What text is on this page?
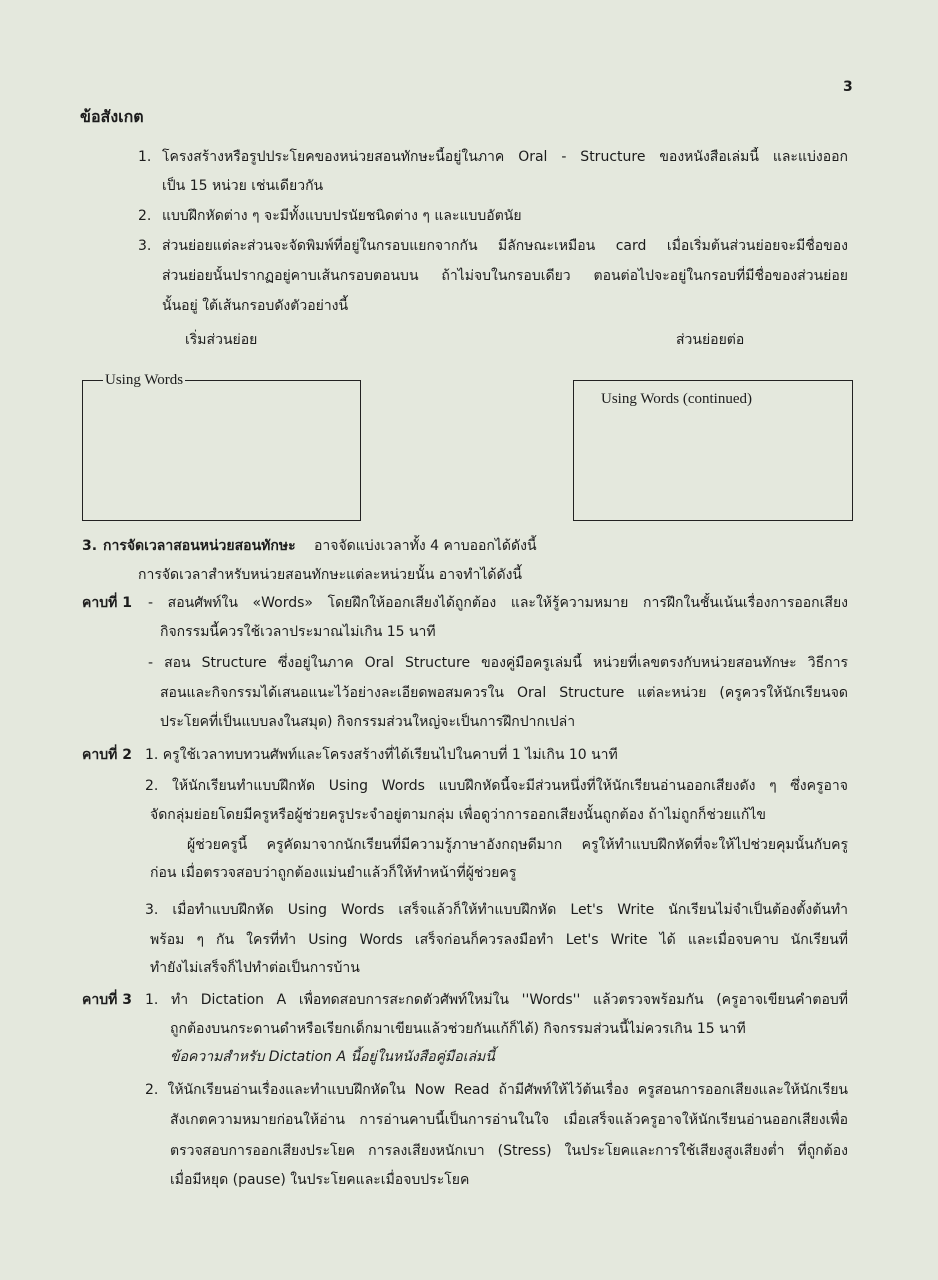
3
ข้อสังเกต
1. โครงสร้างหรือรูปประโยคของหน่วยสอนทักษะนี้อยู่ในภาค Oral - Structure ของหนังสือเล่มนี้ และแบ่งออก
เป็น 15 หน่วย เช่นเดียวกัน
2. แบบฝึกหัดต่าง ๆ จะมีทั้งแบบปรนัยชนิดต่าง ๆ และแบบอัตนัย
3. ส่วนย่อยแต่ละส่วนจะจัดพิมพ์ที่อยู่ในกรอบแยกจากกัน มีลักษณะเหมือน card เมื่อเริ่มต้นส่วนย่อยจะมีชื่อของ
ส่วนย่อยนั้นปรากฏอยู่คาบเส้นกรอบตอนบน ถ้าไม่จบในกรอบเดียว ตอนต่อไปจะอยู่ในกรอบที่มีชื่อของส่วนย่อย
นั้นอยู่ ใต้เส้นกรอบดังตัวอย่างนี้
เริ่มส่วนย่อย	ส่วนย่อยต่อ
Using Words
Using Words (continued)
3. การจัดเวลาสอนหน่วยสอนทักษะ อาจจัดแบ่งเวลาทั้ง 4 คาบออกได้ดังนี้
การจัดเวลาสำหรับหน่วยสอนทักษะแต่ละหน่วยนั้น อาจทำได้ดังนี้
คาบที่ 1 - สอนศัพท์ใน «Words» โดยฝึกให้ออกเสียงได้ถูกต้อง และให้รู้ความหมาย การฝึกในชั้นเน้นเรื่องการออกเสียง
กิจกรรมนี้ควรใช้เวลาประมาณไม่เกิน 15 นาที
- สอน Structure ซึ่งอยู่ในภาค Oral Structure ของคู่มือครูเล่มนี้ หน่วยที่เลขตรงกับหน่วยสอนทักษะ วิธีการ
สอนและกิจกรรมได้เสนอแนะไว้อย่างละเอียดพอสมควรใน Oral Structure แต่ละหน่วย (ครูควรให้นักเรียนจด
ประโยคที่เป็นแบบลงในสมุด) กิจกรรมส่วนใหญ่จะเป็นการฝึกปากเปล่า
คาบที่ 2 1. ครูใช้เวลาทบทวนศัพท์และโครงสร้างที่ได้เรียนไปในคาบที่ 1 ไม่เกิน 10 นาที
2. ให้นักเรียนทำแบบฝึกหัด Using Words แบบฝึกหัดนี้จะมีส่วนหนึ่งที่ให้นักเรียนอ่านออกเสียงดัง ๆ ซึ่งครูอาจ
จัดกลุ่มย่อยโดยมีครูหรือผู้ช่วยครูประจำอยู่ตามกลุ่ม เพื่อดูว่าการออกเสียงนั้นถูกต้อง ถ้าไม่ถูกก็ช่วยแก้ไข
ผู้ช่วยครูนี้ ครูคัดมาจากนักเรียนที่มีความรู้ภาษาอังกฤษดีมาก ครูให้ทำแบบฝึกหัดที่จะให้ไปช่วยคุมนั้นกับครู
ก่อน เมื่อตรวจสอบว่าถูกต้องแม่นยำแล้วก็ให้ทำหน้าที่ผู้ช่วยครู
3. เมื่อทำแบบฝึกหัด Using Words เสร็จแล้วก็ให้ทำแบบฝึกหัด Let's Write นักเรียนไม่จำเป็นต้องตั้งต้นทำ
พร้อม ๆ กัน ใครที่ทำ Using Words เสร็จก่อนก็ควรลงมือทำ Let's Write ได้ และเมื่อจบคาบ นักเรียนที่
ทำยังไม่เสร็จก็ไปทำต่อเป็นการบ้าน
คาบที่ 3 1. ทำ Dictation A เพื่อทดสอบการสะกดตัวศัพท์ใหม่ใน ''Words'' แล้วตรวจพร้อมกัน (ครูอาจเขียนคำตอบที่
ถูกต้องบนกระดานดำหรือเรียกเด็กมาเขียนแล้วช่วยกันแก้ก็ได้) กิจกรรมส่วนนี้ไม่ควรเกิน 15 นาที
ข้อความสำหรับ Dictation A นี้อยู่ในหนังสือคู่มือเล่มนี้
2. ให้นักเรียนอ่านเรื่องและทำแบบฝึกหัดใน Now Read ถ้ามีศัพท์ให้ไว้ต้นเรื่อง ครูสอนการออกเสียงและให้นักเรียน
สังเกตความหมายก่อนให้อ่าน การอ่านคาบนี้เป็นการอ่านในใจ เมื่อเสร็จแล้วครูอาจให้นักเรียนอ่านออกเสียงเพื่อ
ตรวจสอบการออกเสียงประโยค การลงเสียงหนักเบา (Stress) ในประโยคและการใช้เสียงสูงเสียงต่ำ ที่ถูกต้อง
เมื่อมีหยุด (pause) ในประโยคและเมื่อจบประโยค
